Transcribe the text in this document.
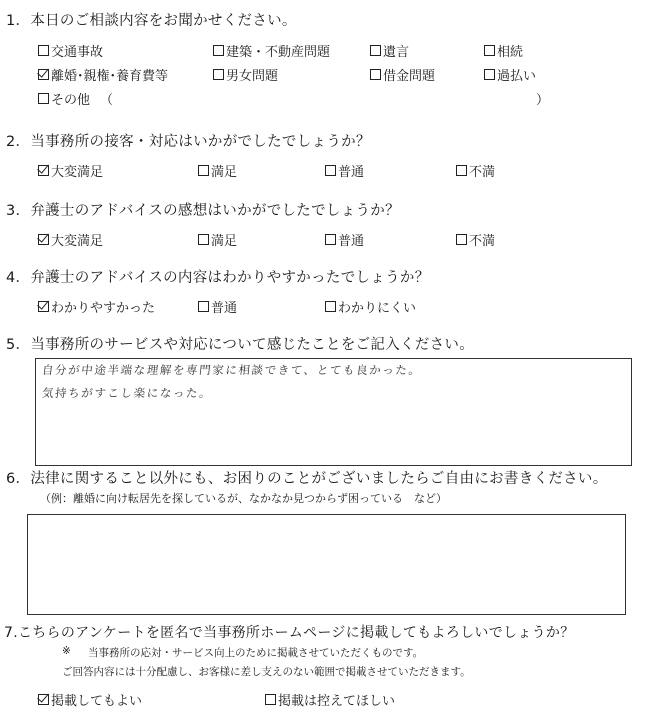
1．本日のご相談内容をお聞かせください。
交通事故	建築・不動産問題	遺言	相続
離婚･親権･養育費等	男女問題	借金問題	過払い
その他 （	）
2．当事務所の接客・対応はいかがでしたでしょうか？
大変満足	満足	普通	不満
3．弁護士のアドバイスの感想はいかがでしたでしょうか？
大変満足	満足	普通	不満
4．弁護士のアドバイスの内容はわかりやすかったでしょうか？
わかりやすかった	普通	わかりにくい
5．当事務所のサービスや対応について感じたことをご記入ください。
自分が中途半端な理解を専門家に相談できて、とても良かった。
気持ちがすこし楽になった。
6．法律に関すること以外にも、お困りのことがございましたらご自由にお書きください。
（例：離婚に向け転居先を探しているが、なかなか見つからず困っている　など）
7.こちらのアンケートを匿名で当事務所ホームページに掲載してもよろしいでしょうか？
※ 当事務所の応対・サービス向上のために掲載させていただくものです。
ご回答内容には十分配慮し、お客様に差し支えのない範囲で掲載させていただきます。
掲載してもよい	掲載は控えてほしい
